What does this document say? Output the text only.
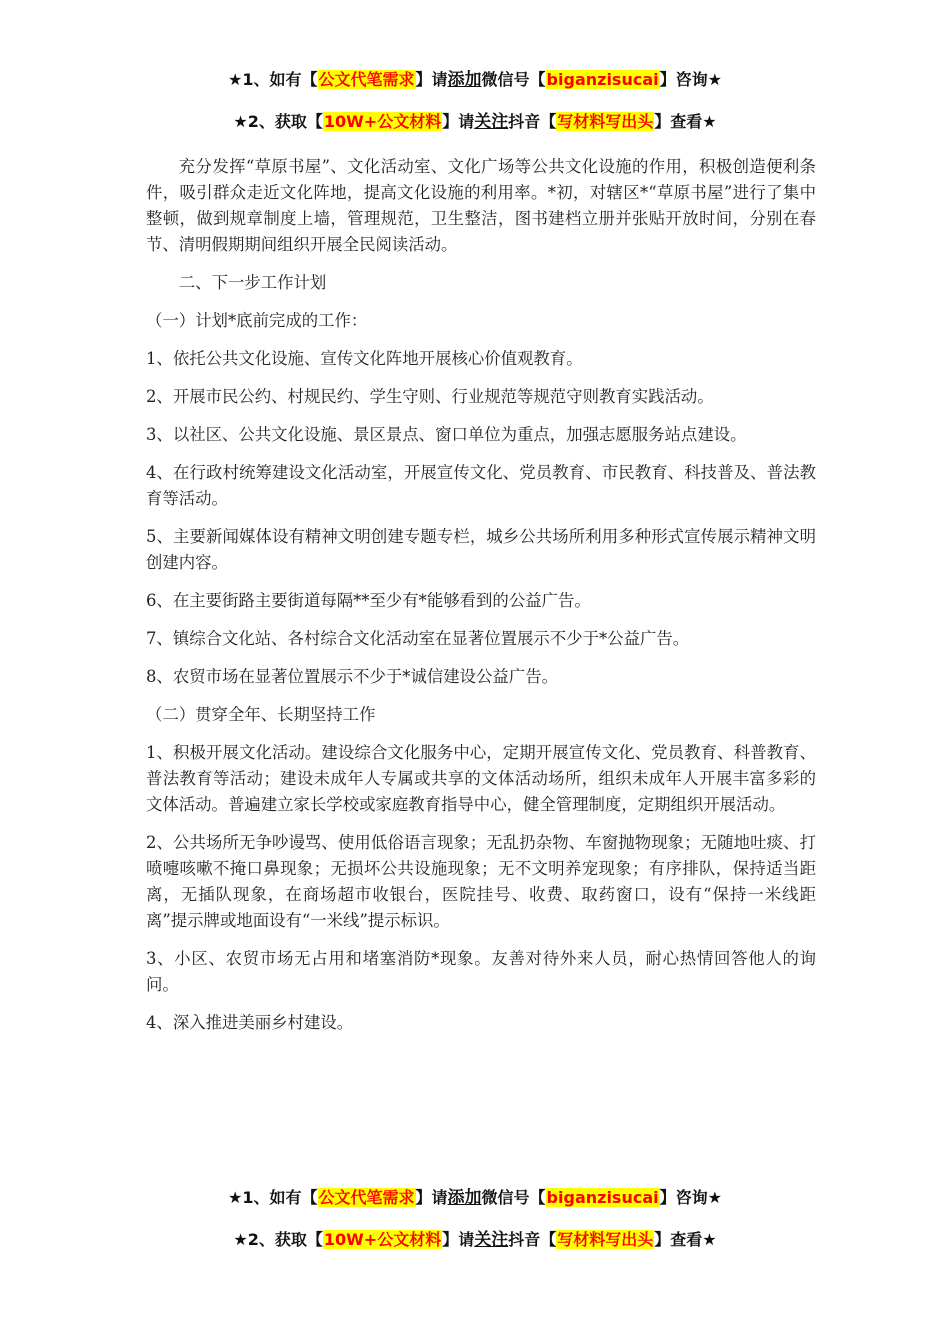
★1、如有【公文代笔需求】请添加微信号【biganzisucai】咨询★
★2、获取【10W+公文材料】请关注抖音【写材料写出头】查看★

充分发挥“草原书屋”、文化活动室、文化广场等公共文化设施的作用，积极创造便利条件，吸引群众走近文化阵地，提高文化设施的利用率。*初，对辖区*“草原书屋”进行了集中整顿，做到规章制度上墙，管理规范，卫生整洁，图书建档立册并张贴开放时间，分别在春节、清明假期期间组织开展全民阅读活动。

二、下一步工作计划

（一）计划*底前完成的工作：

1、依托公共文化设施、宣传文化阵地开展核心价值观教育。

2、开展市民公约、村规民约、学生守则、行业规范等规范守则教育实践活动。

3、以社区、公共文化设施、景区景点、窗口单位为重点，加强志愿服务站点建设。

4、在行政村统筹建设文化活动室，开展宣传文化、党员教育、市民教育、科技普及、普法教育等活动。

5、主要新闻媒体设有精神文明创建专题专栏，城乡公共场所利用多种形式宣传展示精神文明创建内容。

6、在主要街路主要街道每隔**至少有*能够看到的公益广告。

7、镇综合文化站、各村综合文化活动室在显著位置展示不少于*公益广告。

8、农贸市场在显著位置展示不少于*诚信建设公益广告。

（二）贯穿全年、长期坚持工作

1、积极开展文化活动。建设综合文化服务中心，定期开展宣传文化、党员教育、科普教育、普法教育等活动；建设未成年人专属或共享的文体活动场所，组织未成年人开展丰富多彩的文体活动。普遍建立家长学校或家庭教育指导中心，健全管理制度，定期组织开展活动。

2、公共场所无争吵谩骂、使用低俗语言现象；无乱扔杂物、车窗抛物现象；无随地吐痰、打喷嚏咳嗽不掩口鼻现象；无损坏公共设施现象；无不文明养宠现象；有序排队，保持适当距离，无插队现象，在商场超市收银台，医院挂号、收费、取药窗口，设有“保持一米线距离”提示牌或地面设有“一米线”提示标识。

3、小区、农贸市场无占用和堵塞消防*现象。友善对待外来人员，耐心热情回答他人的询问。

4、深入推进美丽乡村建设。

★1、如有【公文代笔需求】请添加微信号【biganzisucai】咨询★
★2、获取【10W+公文材料】请关注抖音【写材料写出头】查看★
